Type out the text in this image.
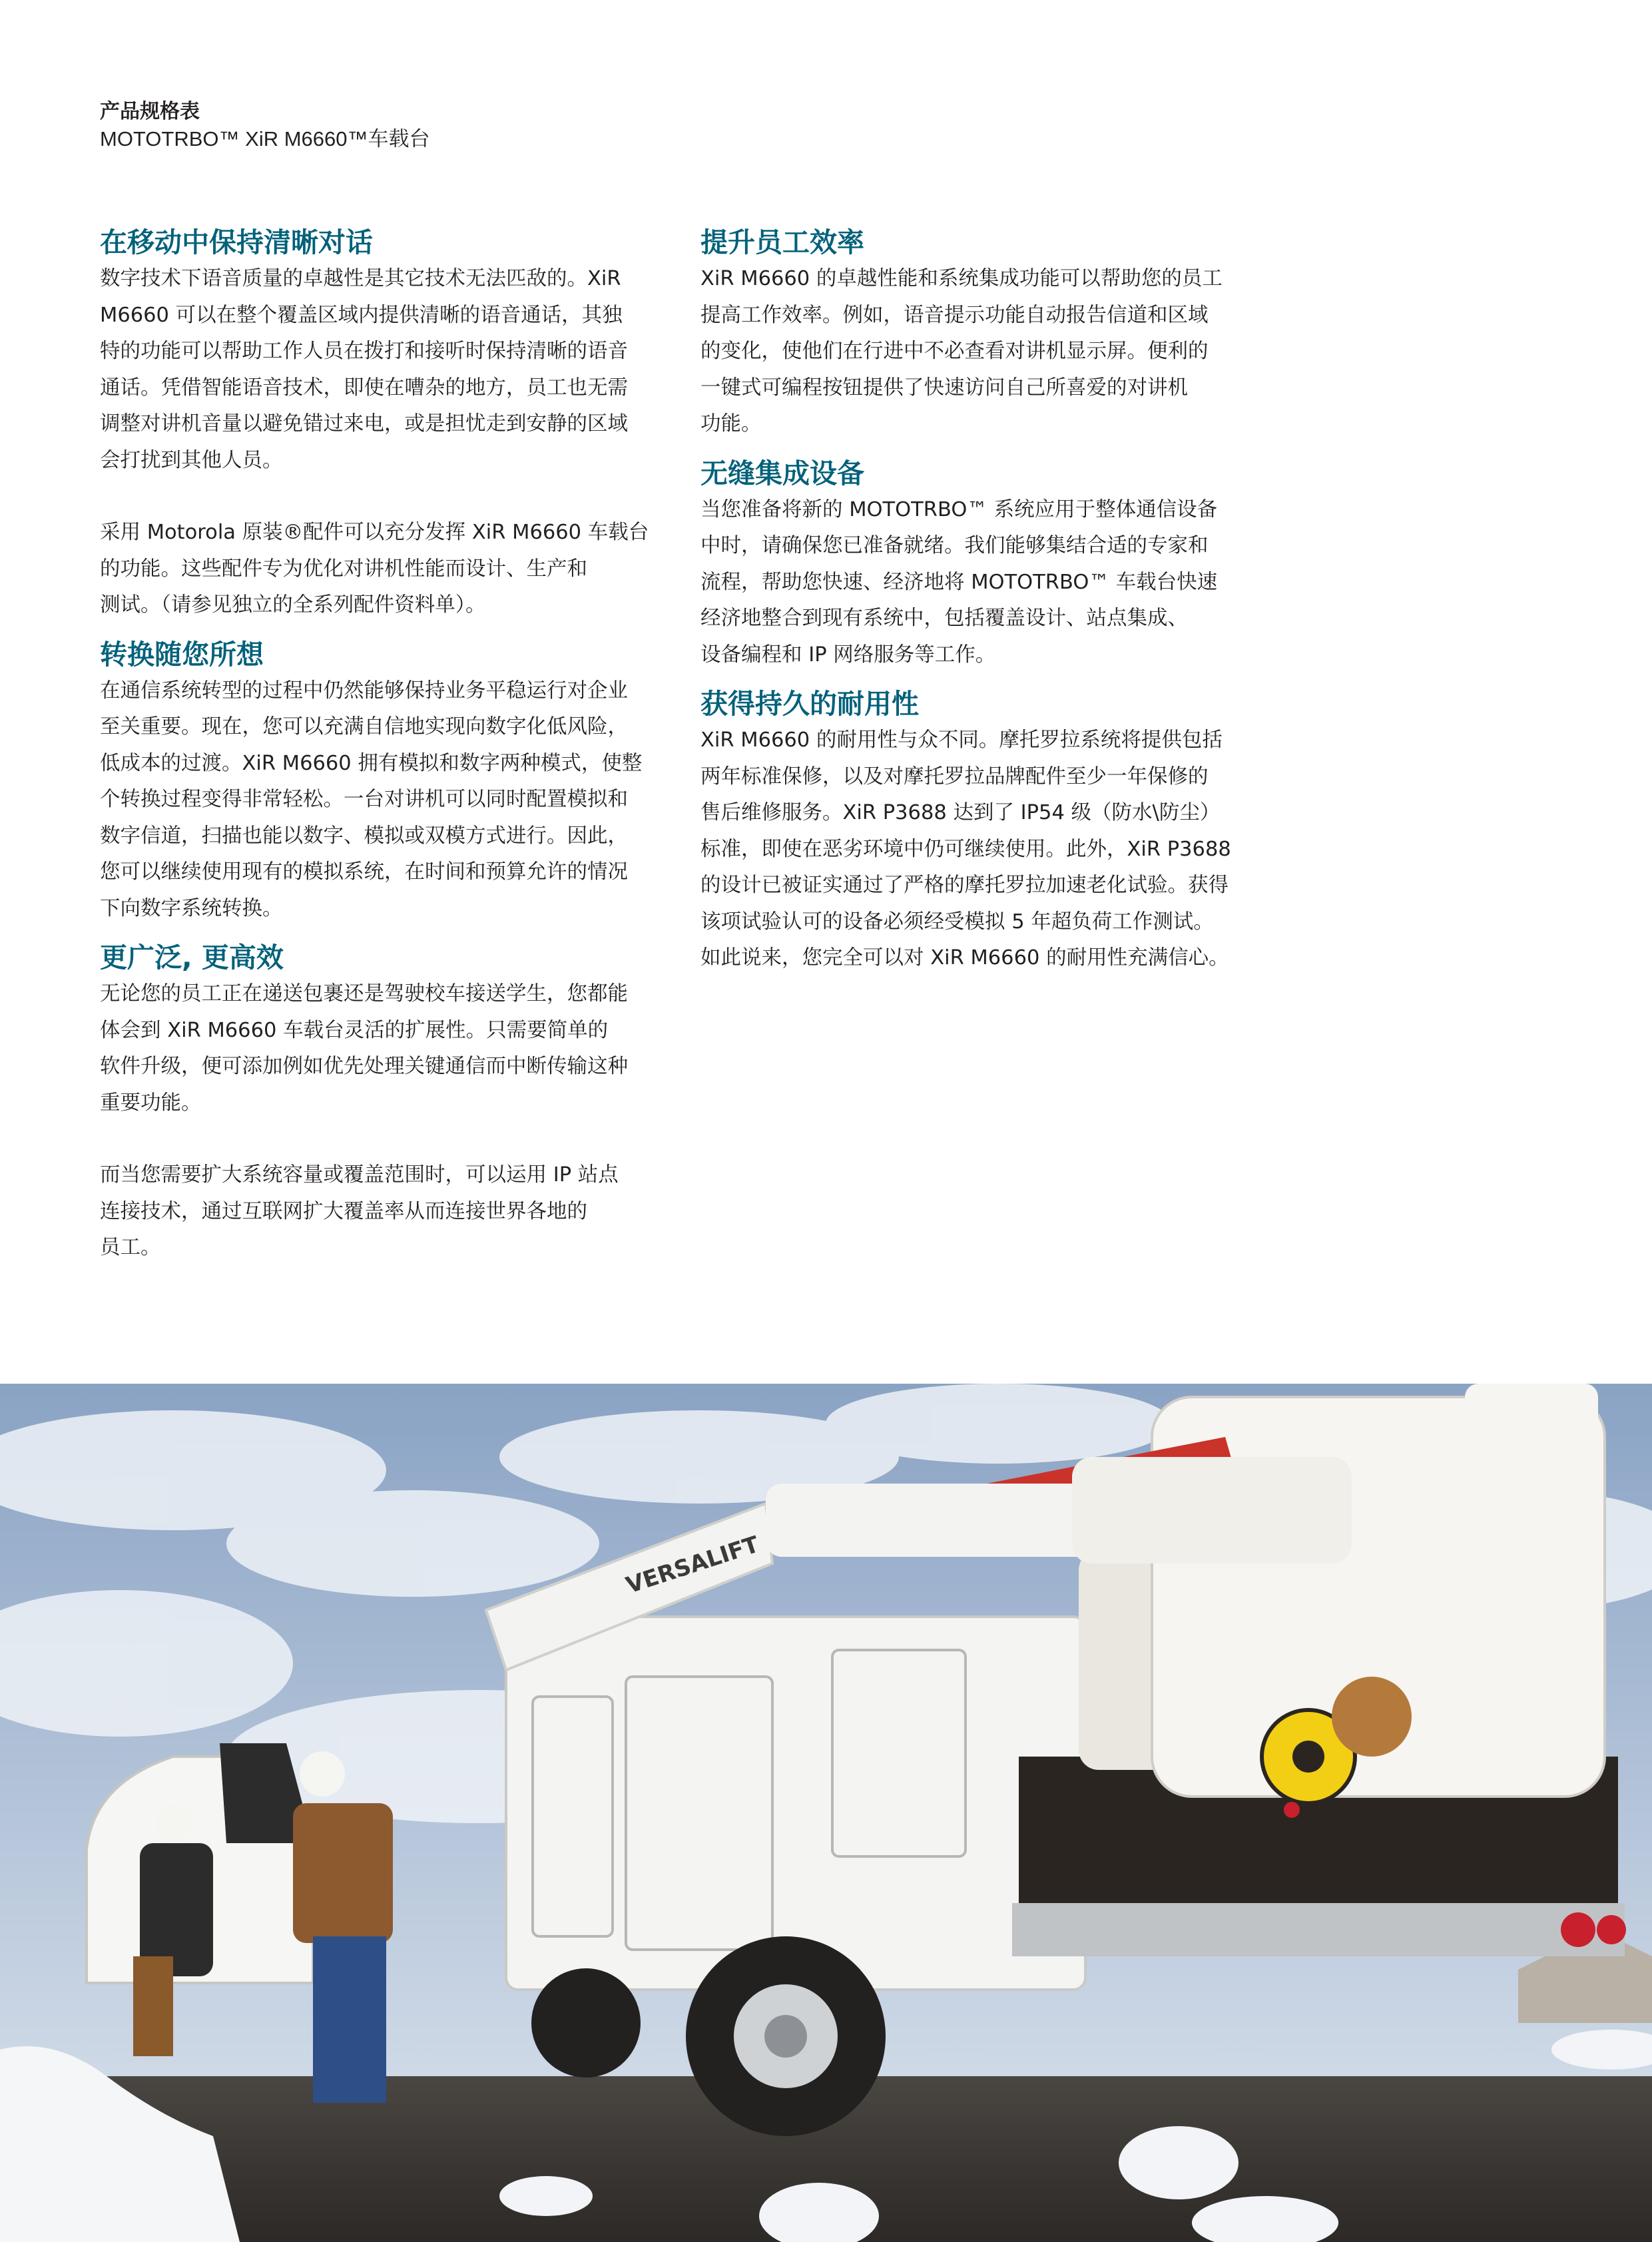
产品规格表
MOTOTRBO™ XiR M6660™车载台
在移动中保持清晰对话

数字技术下语音质量的卓越性是其它技术无法匹敌的。XiR

M6660 可以在整个覆盖区域内提供清晰的语音通话，其独

特的功能可以帮助工作人员在拨打和接听时保持清晰的语音

通话。凭借智能语音技术，即使在嘈杂的地方，员工也无需

调整对讲机音量以避免错过来电，或是担忧走到安静的区域

会打扰到其他人员。

采用 Motorola 原装®配件可以充分发挥 XiR M6660 车载台

的功能。这些配件专为优化对讲机性能而设计、生产和

测试。（请参见独立的全系列配件资料单）。

转换随您所想

在通信系统转型的过程中仍然能够保持业务平稳运行对企业

至关重要。现在，您可以充满自信地实现向数字化低风险，

低成本的过渡。XiR M6660 拥有模拟和数字两种模式，使整

个转换过程变得非常轻松。一台对讲机可以同时配置模拟和

数字信道，扫描也能以数字、模拟或双模方式进行。因此，

您可以继续使用现有的模拟系统，在时间和预算允许的情况

下向数字系统转换。

更广泛, 更高效

无论您的员工正在递送包裹还是驾驶校车接送学生，您都能

体会到 XiR M6660 车载台灵活的扩展性。只需要简单的

软件升级，便可添加例如优先处理关键通信而中断传输这种

重要功能。

而当您需要扩大系统容量或覆盖范围时，可以运用 IP 站点

连接技术，通过互联网扩大覆盖率从而连接世界各地的

员工。

提升员工效率

XiR M6660 的卓越性能和系统集成功能可以帮助您的员工

提高工作效率。例如，语音提示功能自动报告信道和区域

的变化，使他们在行进中不必查看对讲机显示屏。便利的

一键式可编程按钮提供了快速访问自己所喜爱的对讲机

功能。

无缝集成设备

当您准备将新的 MOTOTRBO™ 系统应用于整体通信设备

中时，请确保您已准备就绪。我们能够集结合适的专家和

流程，帮助您快速、经济地将 MOTOTRBO™ 车载台快速

经济地整合到现有系统中，包括覆盖设计、站点集成、

设备编程和 IP 网络服务等工作。

获得持久的耐用性

XiR M6660 的耐用性与众不同。摩托罗拉系统将提供包括

两年标准保修，以及对摩托罗拉品牌配件至少一年保修的

售后维修服务。XiR P3688 达到了 IP54 级（防水\防尘）

标准，即使在恶劣环境中仍可继续使用。此外，XiR P3688

的设计已被证实通过了严格的摩托罗拉加速老化试验。获得

该项试验认可的设备必须经受模拟 5 年超负荷工作测试。

如此说来，您完全可以对 XiR M6660 的耐用性充满信心。

VERSALIFT
